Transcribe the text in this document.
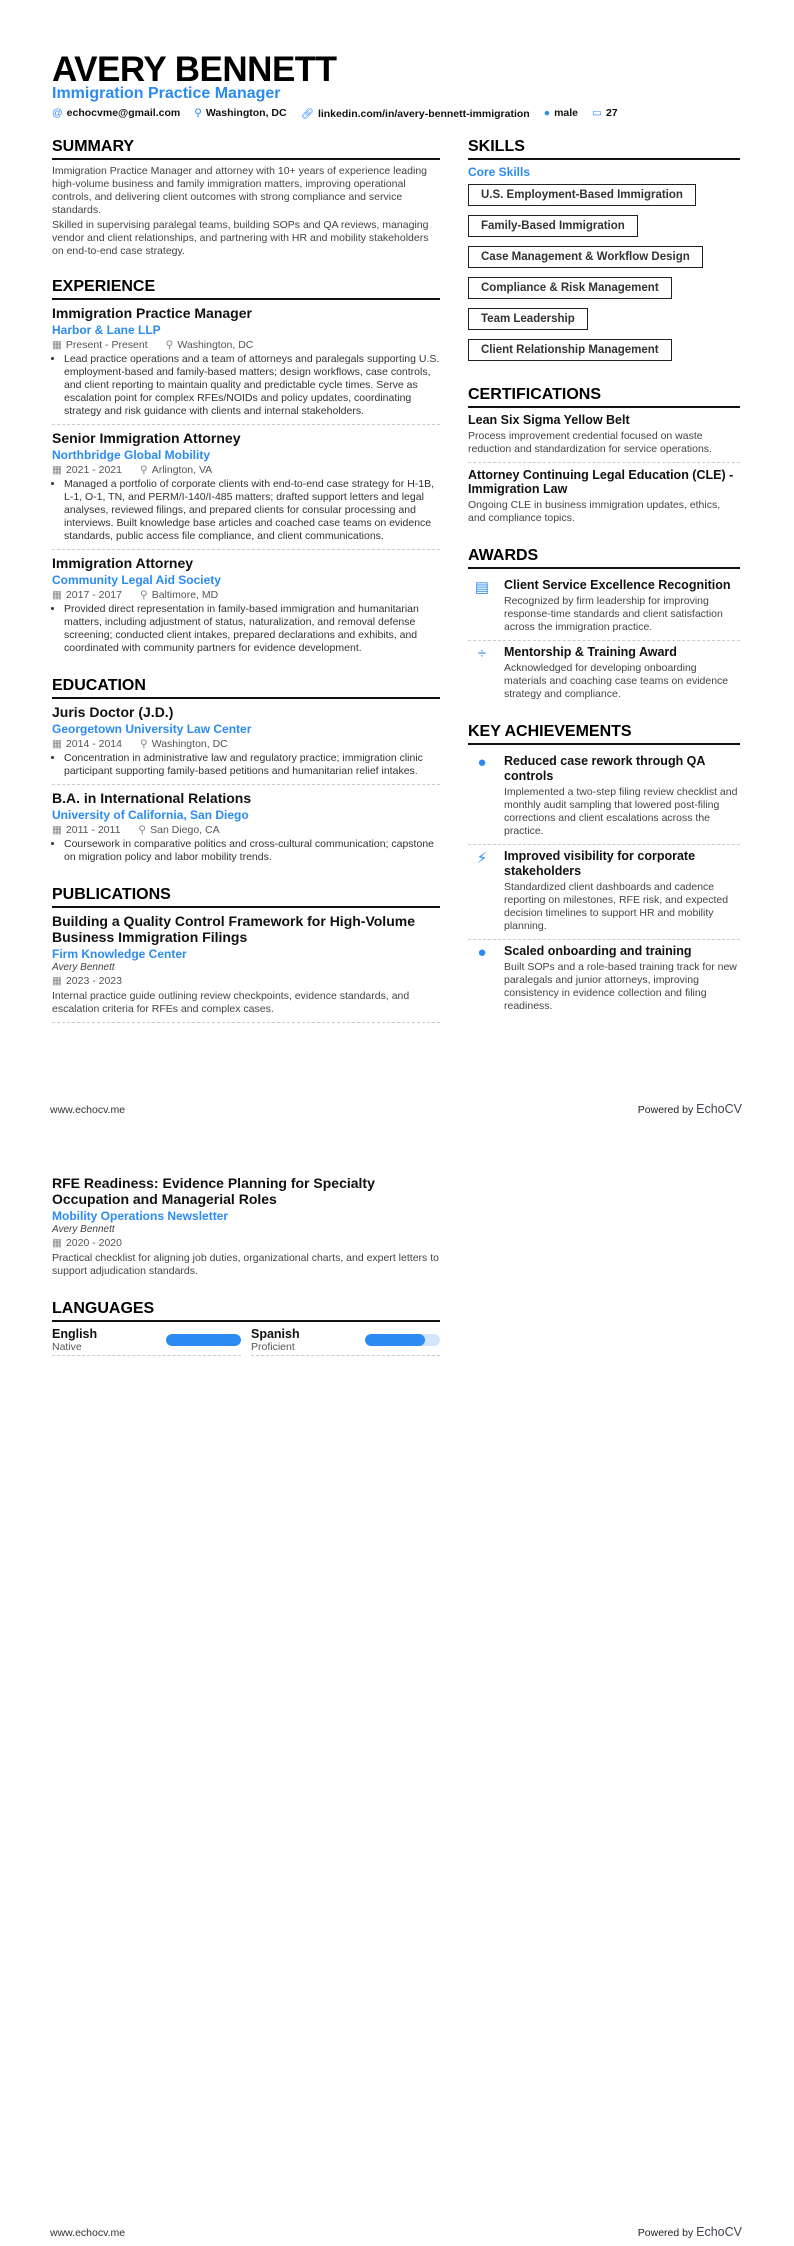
AVERY BENNETT
Immigration Practice Manager
@ echocvme@gmail.com ⚲ Washington, DC 🔗︎ linkedin.com/in/avery-bennett-immigration ● male ▭ 27
SUMMARY

Immigration Practice Manager and attorney with 10+ years of experience leading high-volume business and family immigration matters, improving operational controls, and delivering client outcomes with strong compliance and service standards.

Skilled in supervising paralegal teams, building SOPs and QA reviews, managing vendor and client relationships, and partnering with HR and mobility stakeholders on end-to-end case strategy.

EXPERIENCE
Immigration Practice Manager
Harbor & Lane LLP
▦ Present - Present ⚲ Washington, DC
• Lead practice operations and a team of attorneys and paralegals supporting U.S. employment-based and family-based matters; design workflows, case controls, and client reporting to maintain quality and predictable cycle times. Serve as escalation point for complex RFEs/NOIDs and policy updates, coordinating strategy and risk guidance with clients and internal stakeholders.
Senior Immigration Attorney
Northbridge Global Mobility
▦ 2021 - 2021 ⚲ Arlington, VA
• Managed a portfolio of corporate clients with end-to-end case strategy for H-1B, L-1, O-1, TN, and PERM/I-140/I-485 matters; drafted support letters and legal analyses, reviewed filings, and prepared clients for consular processing and interviews. Built knowledge base articles and coached case teams on evidence standards, public access file compliance, and client communications.
Immigration Attorney
Community Legal Aid Society
▦ 2017 - 2017 ⚲ Baltimore, MD
• Provided direct representation in family-based immigration and humanitarian matters, including adjustment of status, naturalization, and removal defense screening; conducted client intakes, prepared declarations and exhibits, and coordinated with community partners for evidence development.
EDUCATION
Juris Doctor (J.D.)
Georgetown University Law Center
▦ 2014 - 2014 ⚲ Washington, DC
• Concentration in administrative law and regulatory practice; immigration clinic participant supporting family-based petitions and humanitarian relief intakes.
B.A. in International Relations
University of California, San Diego
▦ 2011 - 2011 ⚲ San Diego, CA
• Coursework in comparative politics and cross-cultural communication; capstone on migration policy and labor mobility trends.
PUBLICATIONS
Building a Quality Control Framework for High-Volume Business Immigration Filings
Firm Knowledge Center
Avery Bennett
▦ 2023 - 2023

Internal practice guide outlining review checkpoints, evidence standards, and escalation criteria for RFEs and complex cases.

SKILLS
Core Skills
U.S. Employment-Based Immigration
Family-Based Immigration
Case Management & Workflow Design
Compliance & Risk Management
Team Leadership
Client Relationship Management
CERTIFICATIONS
Lean Six Sigma Yellow Belt

Process improvement credential focused on waste reduction and standardization for service operations.

Attorney Continuing Legal Education (CLE) - Immigration Law

Ongoing CLE in business immigration updates, ethics, and compliance topics.

AWARDS
▤	Client Service Excellence Recognition

Recognized by firm leadership for improving response-time standards and client satisfaction across the immigration practice.

÷	Mentorship & Training Award

Acknowledged for developing onboarding materials and coaching case teams on evidence strategy and compliance.

KEY ACHIEVEMENTS
●	Reduced case rework through QA controls

Implemented a two-step filing review checklist and monthly audit sampling that lowered post-filing corrections and client escalations across the practice.

⚡︎	Improved visibility for corporate stakeholders

Standardized client dashboards and cadence reporting on milestones, RFE risk, and expected decision timelines to support HR and mobility planning.

●	Scaled onboarding and training

Built SOPs and a role-based training track for new paralegals and junior attorneys, improving consistency in evidence collection and filing readiness.

www.echocv.me	Powered by EchoCV
RFE Readiness: Evidence Planning for Specialty Occupation and Managerial Roles
Mobility Operations Newsletter
Avery Bennett
▦ 2020 - 2020

Practical checklist for aligning job duties, organizational charts, and expert letters to support adjudication standards.

LANGUAGES
English
Native
Spanish
Proficient
www.echocv.me	Powered by EchoCV
